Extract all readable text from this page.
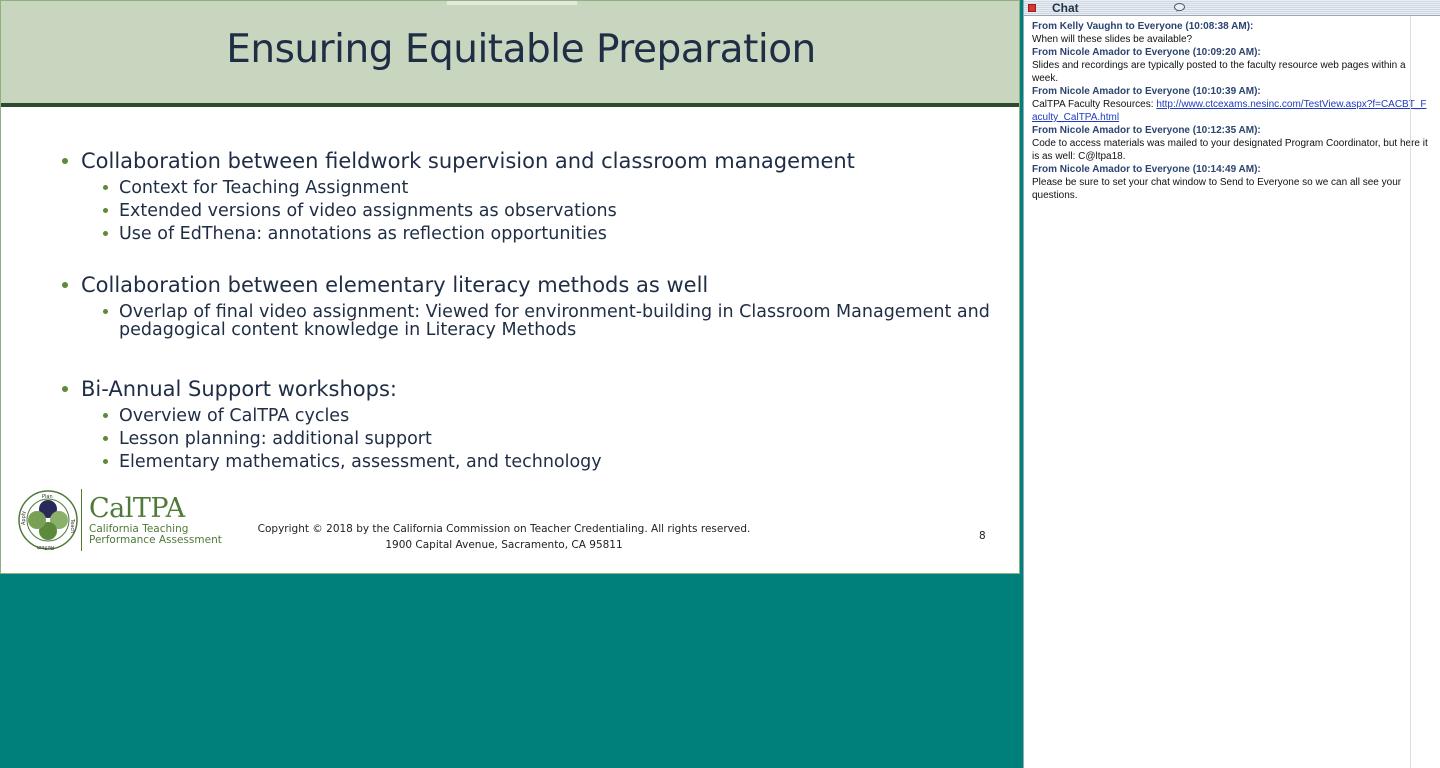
Ensuring Equitable Preparation
Collaboration between fieldwork supervision and classroom management
Context for Teaching Assignment
Extended versions of video assignments as observations
Use of EdThena: annotations as reflection opportunities
Collaboration between elementary literacy methods as well
Overlap of final video assignment: Viewed for environment-building in Classroom Management and pedagogical content knowledge in Literacy Methods
Bi-Annual Support workshops:
Overview of CalTPA cycles
Lesson planning: additional support
Elementary mathematics, assessment, and technology
Plan
Teach
Reflect
Apply CalTPA
California Teaching
Performance Assessment
Copyright © 2018 by the California Commission on Teacher Credentialing. All rights reserved.
1900 Capital Avenue, Sacramento, CA 95811
8
Chat
From Kelly Vaughn to Everyone (10:08:38 AM):
When will these slides be available?
From Nicole Amador to Everyone (10:09:20 AM):
Slides and recordings are typically posted to the faculty resource web pages within a week.
From Nicole Amador to Everyone (10:10:39 AM):
CalTPA Faculty Resources: http://www.ctcexams.nesinc.com/TestView.aspx?f=CACBT_Faculty_CalTPA.html
From Nicole Amador to Everyone (10:12:35 AM):
Code to access materials was mailed to your designated Program Coordinator, but here it is as well: C@ltpa18.
From Nicole Amador to Everyone (10:14:49 AM):
Please be sure to set your chat window to Send to Everyone so we can all see your questions.
